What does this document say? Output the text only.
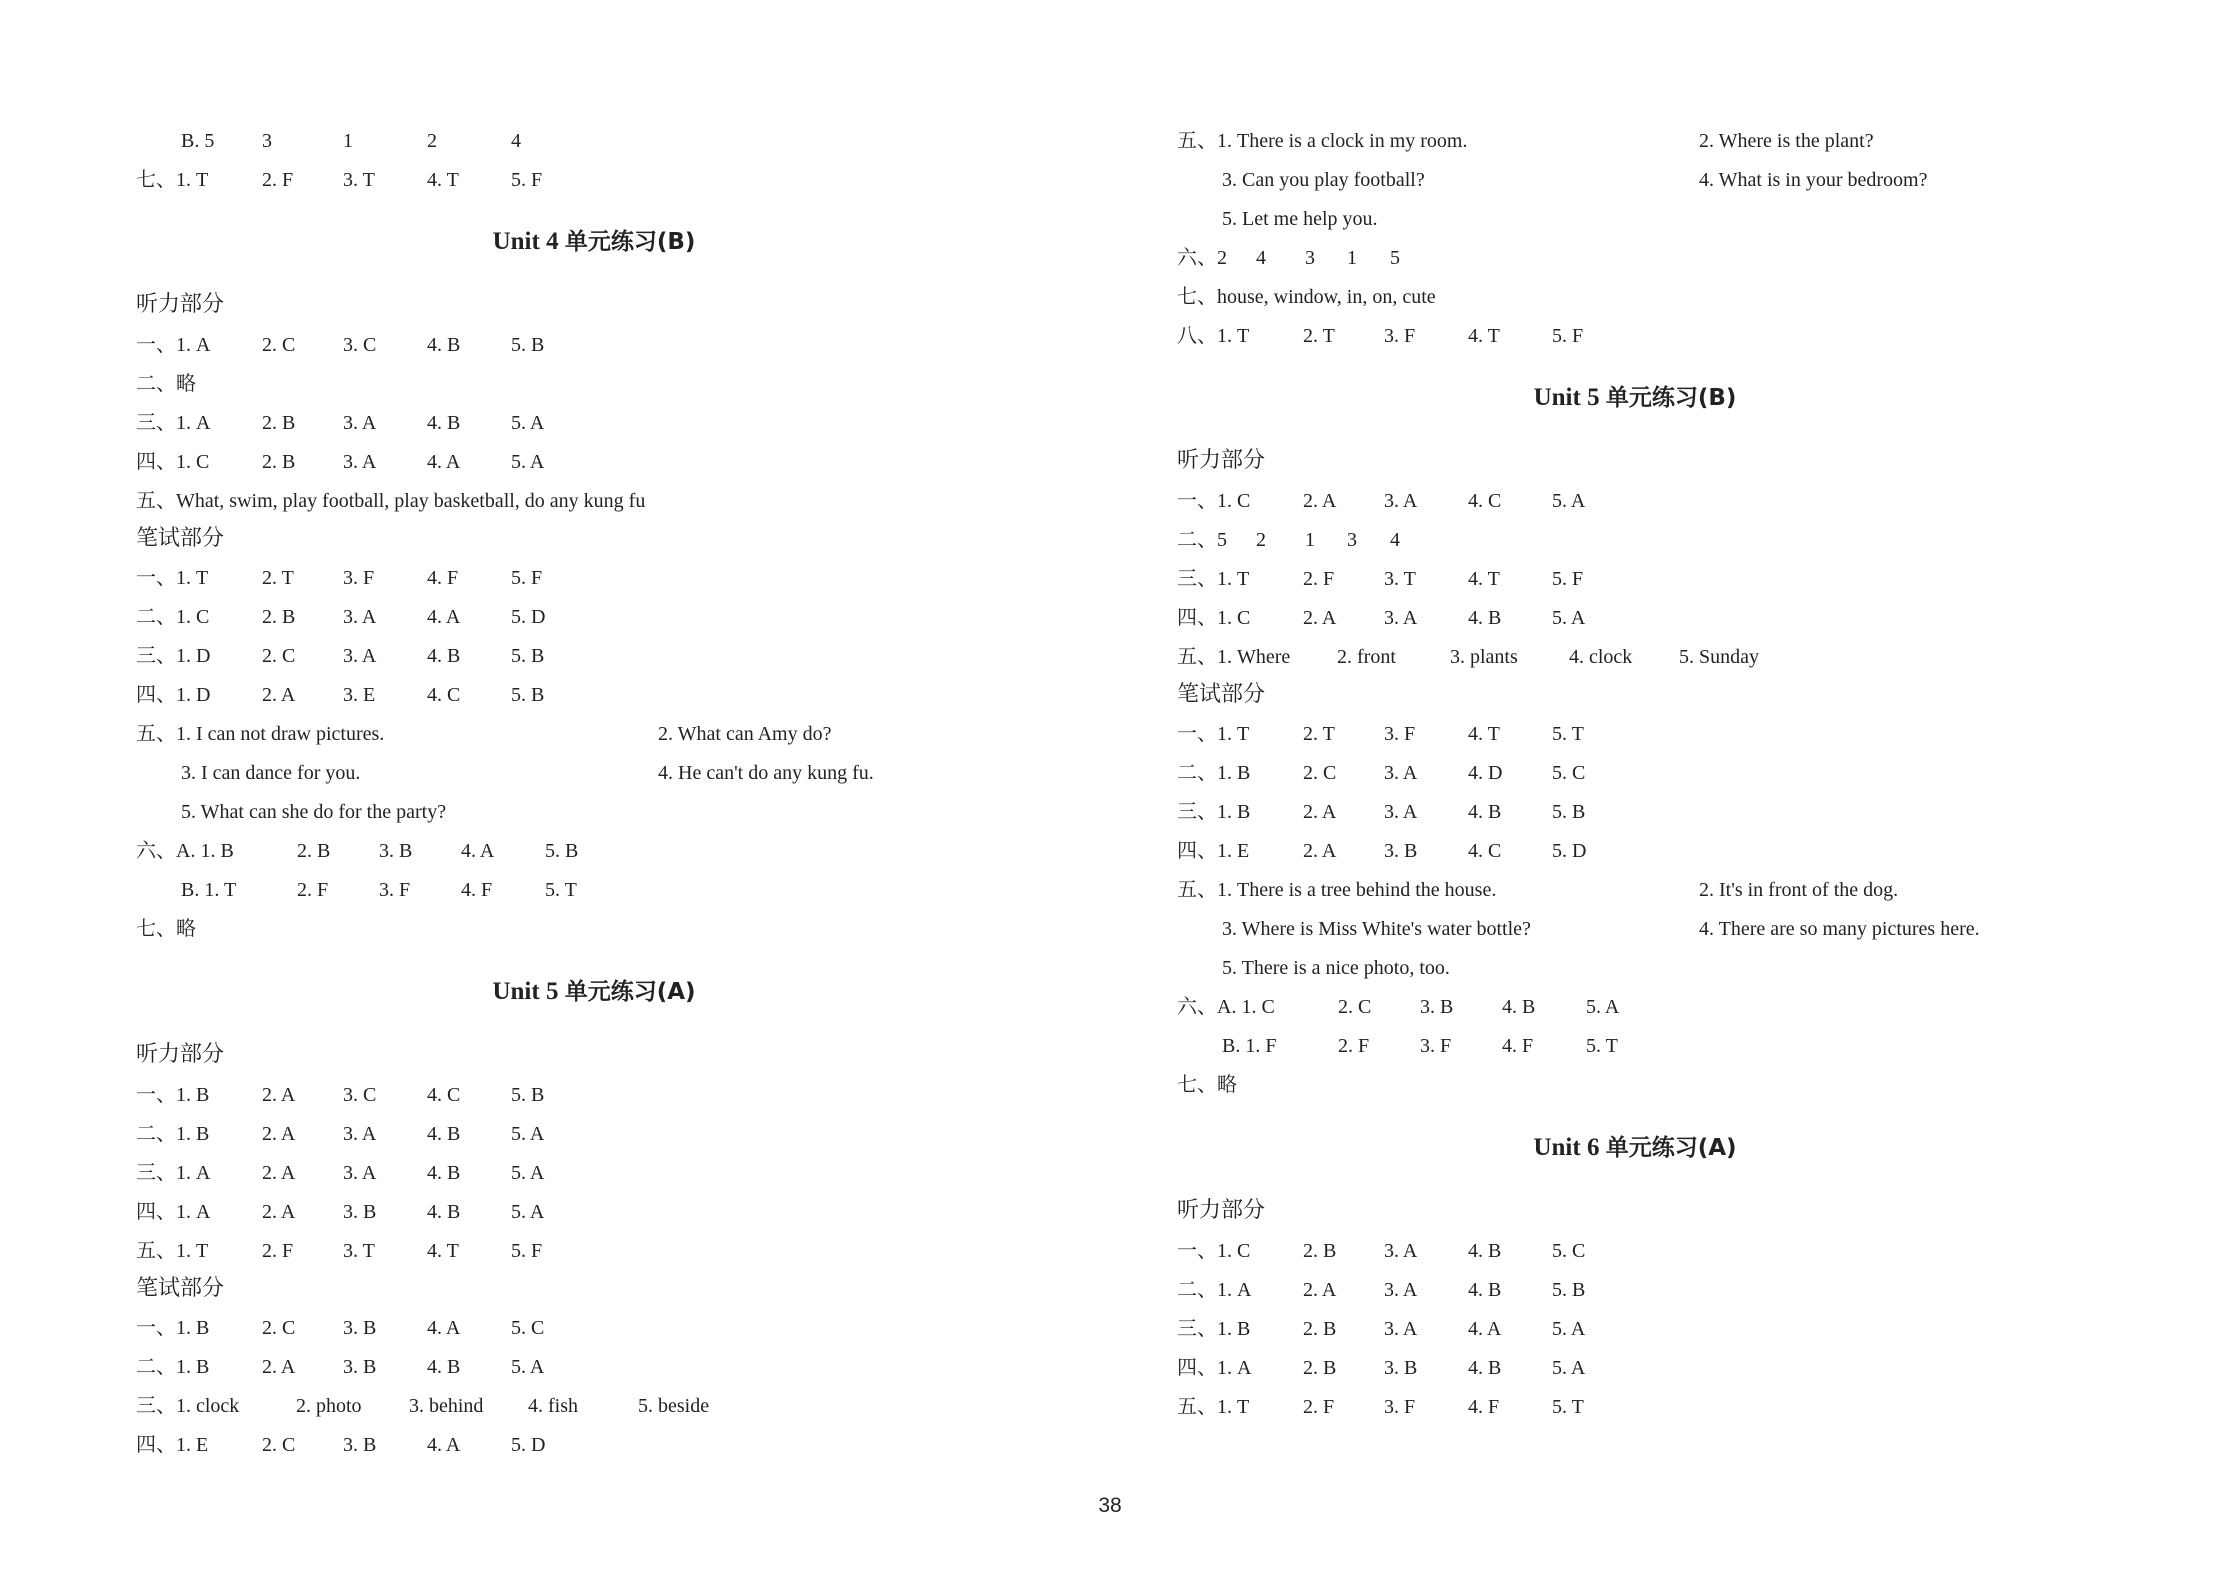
B. 5 3	1	2	4
七、1. T	2. F 3. T	4. T	5. F
Unit 4 单元练习(B)
听力部分
一、1. A	2. C 3. C	4. B	5. B
二、略
三、1. A	2. B 3. A	4. B	5. A
四、1. C	2. B 3. A	4. A	5. A
五、What, swim, play football, play basketball, do any kung fu
笔试部分
一、1. T	2. T 3. F	4. F	5. F
二、1. C	2. B 3. A	4. A	5. D
三、1. D	2. C 3. A	4. B	5. B
四、1. D	2. A 3. E	4. C	5. B
五、1. I can not draw pictures.	2. What can Amy do?
3. I can dance for you.	4. He can't do any kung fu.
5. What can she do for the party?
六、A. 1. B	2. B 3. B 4. A	5. B
B. 1. T	2. F	3. F	4. F	5. T
七、略
Unit 5 单元练习(A)
听力部分
一、1. B	2. A 3. C	4. C	5. B
二、1. B	2. A 3. A	4. B	5. A
三、1. A	2. A 3. A	4. B	5. A
四、1. A	2. A 3. B	4. B	5. A
五、1. T	2. F 3. T	4. T	5. F
笔试部分
一、1. B	2. C 3. B	4. A	5. C
二、1. B	2. A 3. B	4. B	5. A
三、1. clock	2. photo 3. behind 4. fish	5. beside
四、1. E	2. C 3. B	4. A	5. D
五、1. There is a clock in my room.	2. Where is the plant?
3. Can you play football?	4. What is in your bedroom?
5. Let me help you.
六、2 4 3 1 5
七、house, window, in, on, cute
八、1. T	2. T 3. F	4. T	5. F
Unit 5 单元练习(B)
听力部分
一、1. C	2. A 3. A	4. C	5. A
二、5 2 1 3 4
三、1. T	2. F 3. T	4. T	5. F
四、1. C	2. A 3. A	4. B	5. A
五、1. Where 2. front	3. plants	4. clock 5. Sunday
笔试部分
一、1. T	2. T 3. F	4. T	5. T
二、1. B	2. C 3. A	4. D 5. C
三、1. B	2. A 3. A	4. B	5. B
四、1. E	2. A 3. B	4. C	5. D
五、1. There is a tree behind the house.	2. It's in front of the dog.
3. Where is Miss White's water bottle?	4. There are so many pictures here.
5. There is a nice photo, too.
六、A. 1. C	2. C 3. B 4. B	5. A
B. 1. F	2. F	3. F	4. F	5. T
七、略
Unit 6 单元练习(A)
听力部分
一、1. C	2. B 3. A	4. B	5. C
二、1. A	2. A 3. A	4. B	5. B
三、1. B	2. B 3. A	4. A	5. A
四、1. A	2. B 3. B	4. B	5. A
五、1. T	2. F 3. F	4. F	5. T
38
